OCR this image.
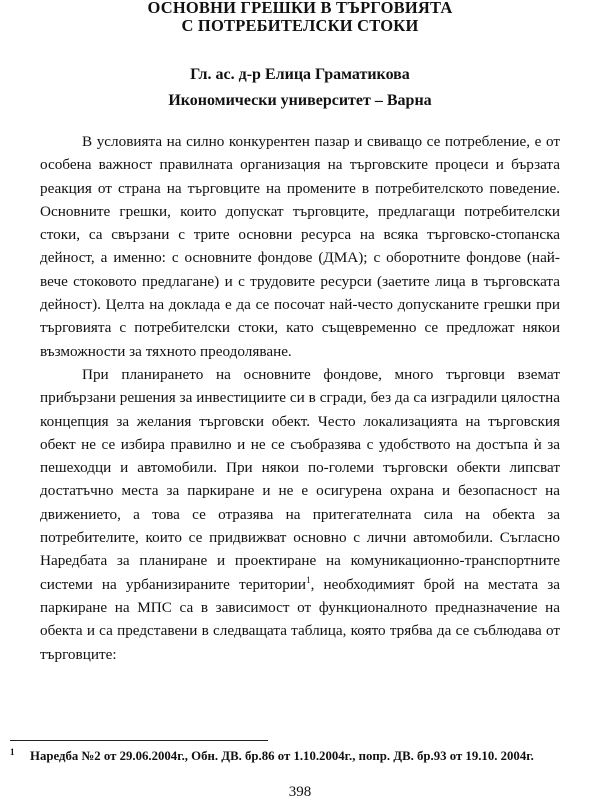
ОСНОВНИ ГРЕШКИ В ТЪРГОВИЯТА
С ПОТРЕБИТЕЛСКИ СТОКИ
Гл. ас. д-р Елица Граматикова
Икономически университет – Варна

В условията на силно конкурентен пазар и свиващо се потребление, е от особена важност правилната организация на търговските процеси и бързата реакция от страна на търговците на промените в потребителското поведение. Основните грешки, които допускат търговците, предлагащи потребителски стоки, са свързани с трите основни ресурса на всяка търговско-стопанска дейност, а именно: с основните фондове (ДМА); с оборотните фондове (най-вече стоковото предлагане) и с трудовите ресурси (заетите лица в търговската дейност). Целта на доклада е да се посочат най-често допусканите грешки при търговията с потребителски стоки, като същевременно се предложат някои възможности за тяхното преодоляване.

При планирането на основните фондове, много търговци вземат прибързани решения за инвестициите си в сгради, без да са изградили цялостна концепция за желания търговски обект. Често локализацията на търговския обект не се избира правилно и не се съобразява с удобството на достъпа ѝ за пешеходци и автомобили. При някои по-големи търговски обекти липсват достатъчно места за паркиране и не е осигурена охрана и безопасност на движението, а това се отразява на притегателната сила на обекта за потребителите, които се придвижват основно с лични автомобили. Съгласно Наредбата за планиране и проектиране на комуникационно-транспортните системи на урбанизираните територии$^1$, необходимият брой на местата за паркиране на МПС са в зависимост от функционалното предназначение на обекта и са представени в следващата таблица, която трябва да се съблюдава от търговците:

1 Наредба №2 от 29.06.2004г., Обн. ДВ. бр.86 от 1.10.2004г., попр. ДВ. бр.93 от 19.10. 2004г.
398
